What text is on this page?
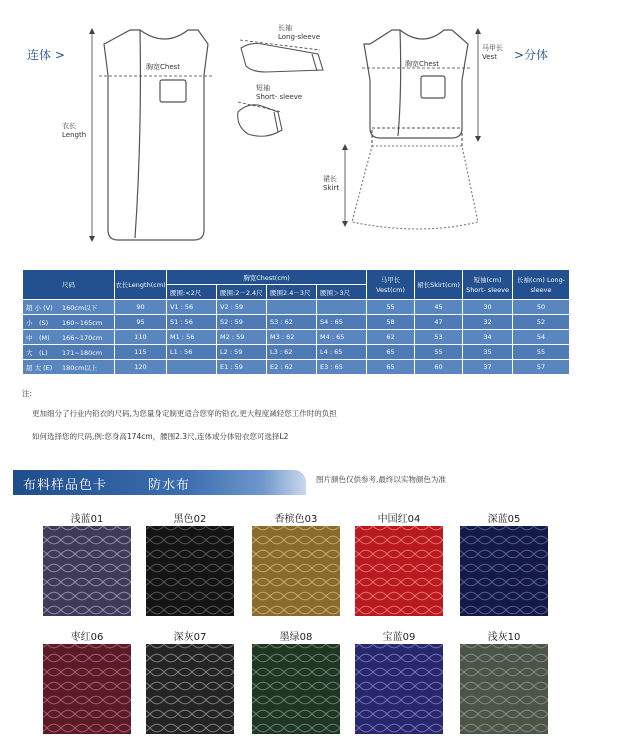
连体 >	>分体
胸宽Chest	胸宽Chest
衣长
Length
长袖
Long-sleeve
短袖
Short- sleeve
马甲长
Vest
裙长
Skirt
尺码	衣长Length(cm)	胸宽Chest(cm)				马甲长Vest(cm)	裙长Skirt(cm)	短袖(cm) Short- sleeve	长袖(cm) Long-sleeve
		腰围:<2尺	腰围:2－2.4尺	腰围2.4－3尺	腰围＞3尺				
超 小 (V) 160cm以下	90	V1 : 56	V2 : 59			55	45	30	50
小　(S) 160~165cm	95	S1 : 56	S2 : 59	S3 : 62	S4 : 65	58	47	32	52
中　(M) 166~170cm	110	M1 : 56	M2 : 59	M3 : 62	M4 : 65	62	53	34	54
大　(L) 171~180cm	115	L1 : 56	L2 : 59	L3 : 62	L4 : 65	65	55	35	55
超 大 (E) 180cm以上	120		E1 : 59	E2 : 62	E3 : 65	65	60	37	57
注:
更加细分了行业内铅衣的尺码,为您量身定制更适合您穿的铅衣,更大程度减轻您工作时的负担
如何选择您的尺码,例:您身高174cm，腰围2.3尺,连体或分体铅衣您可选择L2
布料样品色卡	防水布	图片颜色仅供参考,最终以实物颜色为准
浅蓝01	黑色02	香槟色03	中国红04	深蓝05
枣红06	深灰07	墨绿08	宝蓝09	浅灰10
